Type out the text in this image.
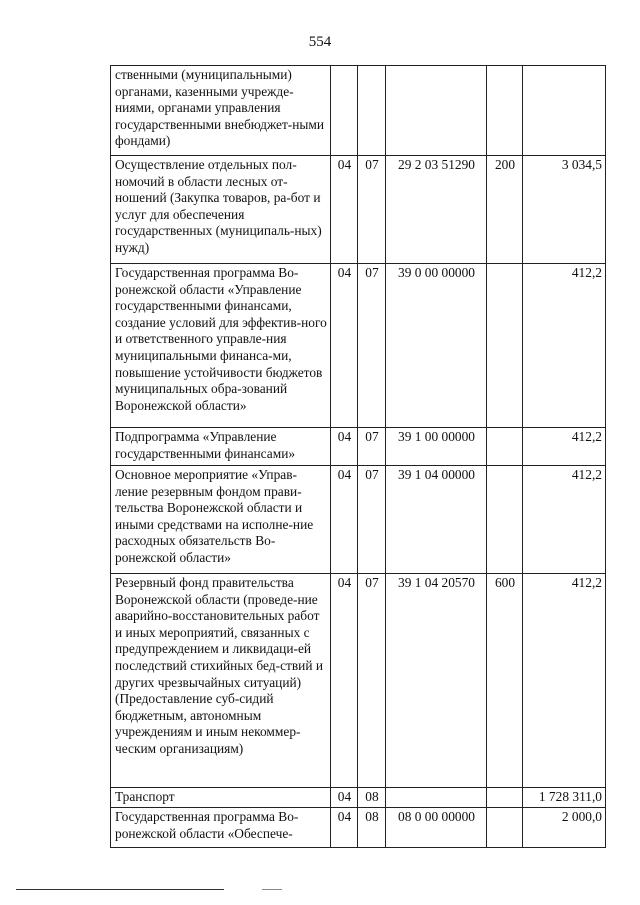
554
ственными (муниципальными) органами, казенными учрежде-ниями, органами управления государственными внебюджет-ными фондами)					
Осуществление отдельных пол-номочий в области лесных от-ношений (Закупка товаров, ра-бот и услуг для обеспечения государственных (муниципаль-ных) нужд)	04	07	29 2 03 51290	200	3 034,5
Государственная программа Во-ронежской области «Управление государственными финансами, создание условий для эффектив-ного и ответственного управле-ния муниципальными финанса-ми, повышение устойчивости бюджетов муниципальных обра-зований Воронежской области»	04	07	39 0 00 00000		412,2
Подпрограмма «Управление государственными финансами»	04	07	39 1 00 00000		412,2
Основное мероприятие «Управ-ление резервным фондом прави-тельства Воронежской области и иными средствами на исполне-ние расходных обязательств Во-ронежской области»	04	07	39 1 04 00000		412,2
Резервный фонд правительства Воронежской области (проведе-ние аварийно-восстановительных работ и иных мероприятий, связанных с предупреждением и ликвидаци-ей последствий стихийных бед-ствий и других чрезвычайных ситуаций) (Предоставление суб-сидий бюджетным, автономным учреждениям и иным некоммер-ческим организациям)	04	07	39 1 04 20570	600	412,2
Транспорт	04	08			1 728 311,0
Государственная программа Во-ронежской области «Обеспече-	04	08	08 0 00 00000		2 000,0
